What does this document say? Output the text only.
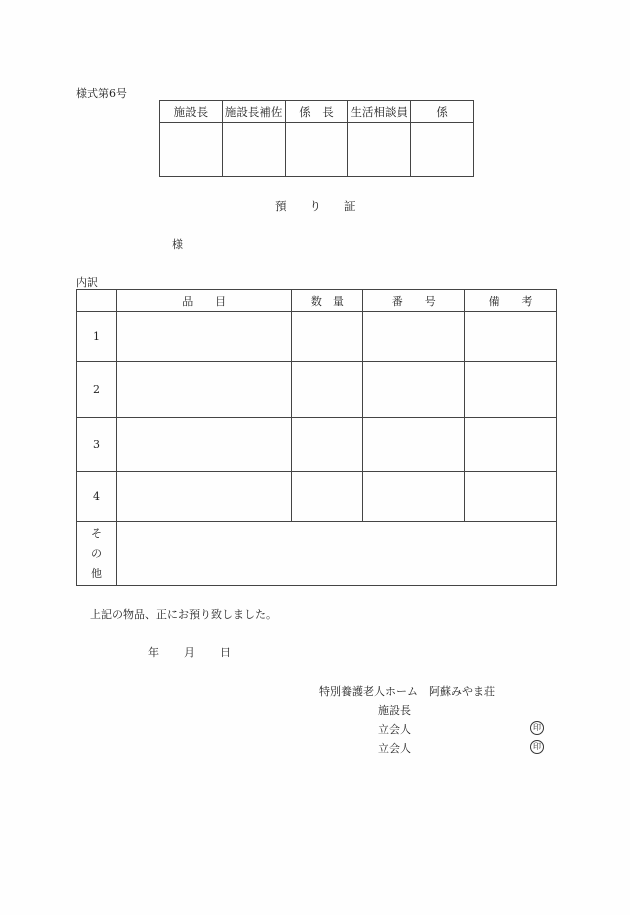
様式第6号
施設長	施設長補佐	係　長	生活相談員	係

預　　り　　証
様
内訳
	品　　目	数　量	番　　号	備　　考
1				
2				
3				
4				

そ
の
他				

上記の物品、正にお預り致しました。
年 月 日
特別養護老人ホーム　阿蘇みやま荘
施設長
立会人	印
立会人	印
